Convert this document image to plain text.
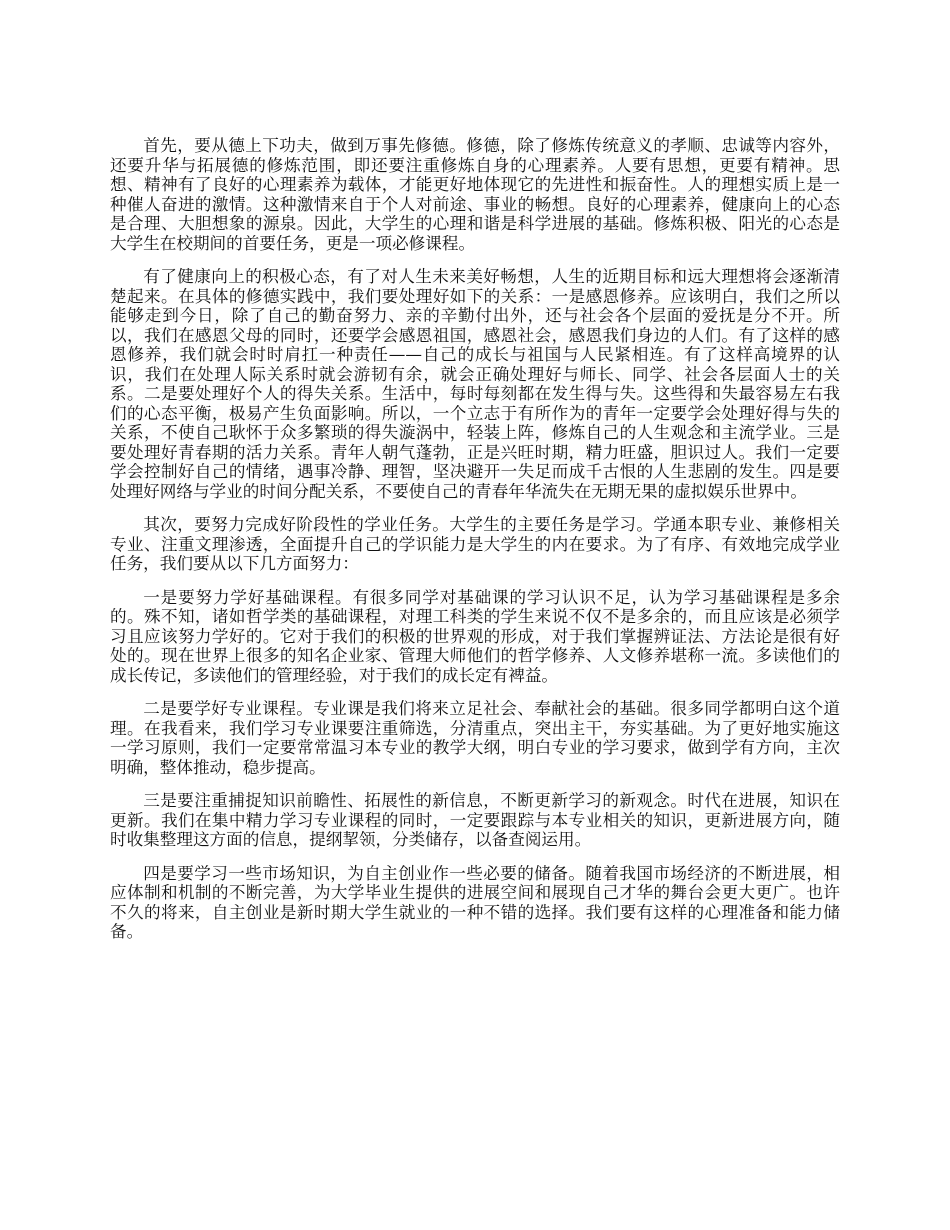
首先，要从德上下功夫，做到万事先修德。修德，除了修炼传统意义的孝顺、忠诚等内容外，还要升华与拓展德的修炼范围，即还要注重修炼自身的心理素养。人要有思想，更要有精神。思想、精神有了良好的心理素养为载体，才能更好地体现它的先进性和振奋性。人的理想实质上是一种催人奋进的激情。这种激情来自于个人对前途、事业的畅想。良好的心理素养，健康向上的心态是合理、大胆想象的源泉。因此，大学生的心理和谐是科学进展的基础。修炼积极、阳光的心态是大学生在校期间的首要任务，更是一项必修课程。

有了健康向上的积极心态，有了对人生未来美好畅想，人生的近期目标和远大理想将会逐渐清楚起来。在具体的修德实践中，我们要处理好如下的关系：一是感恩修养。应该明白，我们之所以能够走到今日，除了自己的勤奋努力、亲的辛勤付出外，还与社会各个层面的爱抚是分不开。所以，我们在感恩父母的同时，还要学会感恩祖国，感恩社会，感恩我们身边的人们。有了这样的感恩修养，我们就会时时肩扛一种责任——自己的成长与祖国与人民紧相连。有了这样高境界的认识，我们在处理人际关系时就会游韧有余，就会正确处理好与师长、同学、社会各层面人士的关系。二是要处理好个人的得失关系。生活中，每时每刻都在发生得与失。这些得和失最容易左右我们的心态平衡，极易产生负面影响。所以，一个立志于有所作为的青年一定要学会处理好得与失的关系，不使自己耿怀于众多繁琐的得失漩涡中，轻装上阵，修炼自己的人生观念和主流学业。三是要处理好青春期的活力关系。青年人朝气蓬勃，正是兴旺时期，精力旺盛，胆识过人。我们一定要学会控制好自己的情绪，遇事冷静、理智，坚决避开一失足而成千古恨的人生悲剧的发生。四是要处理好网络与学业的时间分配关系，不要使自己的青春年华流失在无期无果的虚拟娱乐世界中。

其次，要努力完成好阶段性的学业任务。大学生的主要任务是学习。学通本职专业、兼修相关专业、注重文理渗透，全面提升自己的学识能力是大学生的内在要求。为了有序、有效地完成学业任务，我们要从以下几方面努力：

一是要努力学好基础课程。有很多同学对基础课的学习认识不足，认为学习基础课程是多余的。殊不知，诸如哲学类的基础课程，对理工科类的学生来说不仅不是多余的，而且应该是必须学习且应该努力学好的。它对于我们的积极的世界观的形成，对于我们掌握辨证法、方法论是很有好处的。现在世界上很多的知名企业家、管理大师他们的哲学修养、人文修养堪称一流。多读他们的成长传记，多读他们的管理经验，对于我们的成长定有裨益。

二是要学好专业课程。专业课是我们将来立足社会、奉献社会的基础。很多同学都明白这个道理。在我看来，我们学习专业课要注重筛选，分清重点，突出主干，夯实基础。为了更好地实施这一学习原则，我们一定要常常温习本专业的教学大纲，明白专业的学习要求，做到学有方向，主次明确，整体推动，稳步提高。

三是要注重捕捉知识前瞻性、拓展性的新信息，不断更新学习的新观念。时代在进展，知识在更新。我们在集中精力学习专业课程的同时，一定要跟踪与本专业相关的知识，更新进展方向，随时收集整理这方面的信息，提纲挈领，分类储存，以备查阅运用。

四是要学习一些市场知识，为自主创业作一些必要的储备。随着我国市场经济的不断进展，相应体制和机制的不断完善，为大学毕业生提供的进展空间和展现自己才华的舞台会更大更广。也许不久的将来，自主创业是新时期大学生就业的一种不错的选择。我们要有这样的心理准备和能力储备。
